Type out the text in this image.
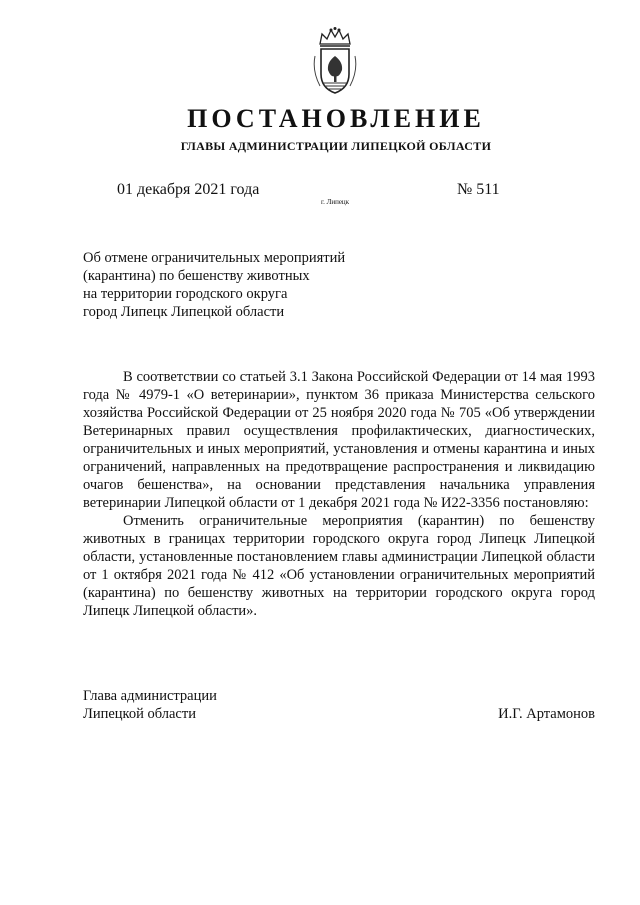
ПОСТАНОВЛЕНИЕ
ГЛАВЫ АДМИНИСТРАЦИИ ЛИПЕЦКОЙ ОБЛАСТИ
01 декабря 2021 года
г. Липецк
№ 511
Об отмене ограничительных мероприятий
(карантина) по бешенству животных
на территории городского округа
город Липецк Липецкой области

В соответствии со статьей 3.1 Закона Российской Федерации от 14 мая 1993 года № 4979-1 «О ветеринарии», пунктом 36 приказа Министерства сельского хозяйства Российской Федерации от 25 ноября 2020 года № 705 «Об утверждении Ветеринарных правил осуществления профилактических, диагностических, ограничительных и иных мероприятий, установления и отмены карантина и иных ограничений, направленных на предотвращение распространения и ликвидацию очагов бешенства», на основании представления начальника управления ветеринарии Липецкой области от 1 декабря 2021 года № И22-3356 постановляю:

Отменить ограничительные мероприятия (карантин) по бешенству животных в границах территории городского округа город Липецк Липецкой области, установленные постановлением главы администрации Липецкой области от 1 октября 2021 года № 412 «Об установлении ограничительных мероприятий (карантина) по бешенству животных на территории городского округа город Липецк Липецкой области».

Глава администрации
Липецкой области	И.Г. Артамонов
